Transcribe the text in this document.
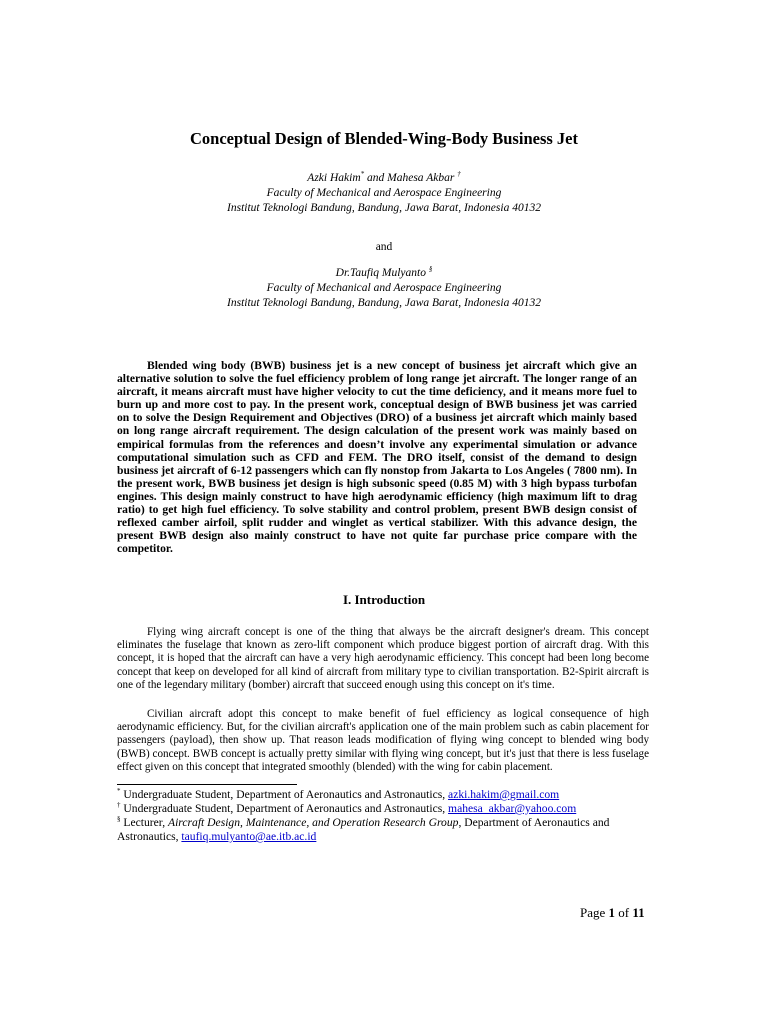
Conceptual Design of Blended-Wing-Body Business Jet
Azki Hakim* and Mahesa Akbar †
Faculty of Mechanical and Aerospace Engineering
Institut Teknologi Bandung, Bandung, Jawa Barat, Indonesia 40132
and
Dr.Taufiq Mulyanto §
Faculty of Mechanical and Aerospace Engineering
Institut Teknologi Bandung, Bandung, Jawa Barat, Indonesia 40132

Blended wing body (BWB) business jet is a new concept of business jet aircraft which give an alternative solution to solve the fuel efficiency problem of long range jet aircraft. The longer range of an aircraft, it means aircraft must have higher velocity to cut the time deficiency, and it means more fuel to burn up and more cost to pay. In the present work, conceptual design of BWB business jet was carried on to solve the Design Requirement and Objectives (DRO) of a business jet aircraft which mainly based on long range aircraft requirement. The design calculation of the present work was mainly based on empirical formulas from the references and doesn’t involve any experimental simulation or advance computational simulation such as CFD and FEM. The DRO itself, consist of the demand to design business jet aircraft of 6-12 passengers which can fly nonstop from Jakarta to Los Angeles ( 7800 nm). In the present work, BWB business jet design is high subsonic speed (0.85 M) with 3 high bypass turbofan engines. This design mainly construct to have high aerodynamic efficiency (high maximum lift to drag ratio) to get high fuel efficiency. To solve stability and control problem, present BWB design consist of reflexed camber airfoil, split rudder and winglet as vertical stabilizer. With this advance design, the present BWB design also mainly construct to have not quite far purchase price compare with the competitor.

I. Introduction

Flying wing aircraft concept is one of the thing that always be the aircraft designer's dream. This concept eliminates the fuselage that known as zero-lift component which produce biggest portion of aircraft drag. With this concept, it is hoped that the aircraft can have a very high aerodynamic efficiency. This concept had been long become concept that keep on developed for all kind of aircraft from military type to civilian transportation. B2-Spirit aircraft is one of the legendary military (bomber) aircraft that succeed enough using this concept on it's time.

Civilian aircraft adopt this concept to make benefit of fuel efficiency as logical consequence of high aerodynamic efficiency. But, for the civilian aircraft's application one of the main problem such as cabin placement for passengers (payload), then show up. That reason leads modification of flying wing concept to blended wing body (BWB) concept. BWB concept is actually pretty similar with flying wing concept, but it's just that there is less fuselage effect given on this concept that integrated smoothly (blended) with the wing for cabin placement.

* Undergraduate Student, Department of Aeronautics and Astronautics, azki.hakim@gmail.com

† Undergraduate Student, Department of Aeronautics and Astronautics, mahesa_akbar@yahoo.com

§ Lecturer, Aircraft Design, Maintenance, and Operation Research Group, Department of Aeronautics and Astronautics, taufiq.mulyanto@ae.itb.ac.id

Page 1 of 11
